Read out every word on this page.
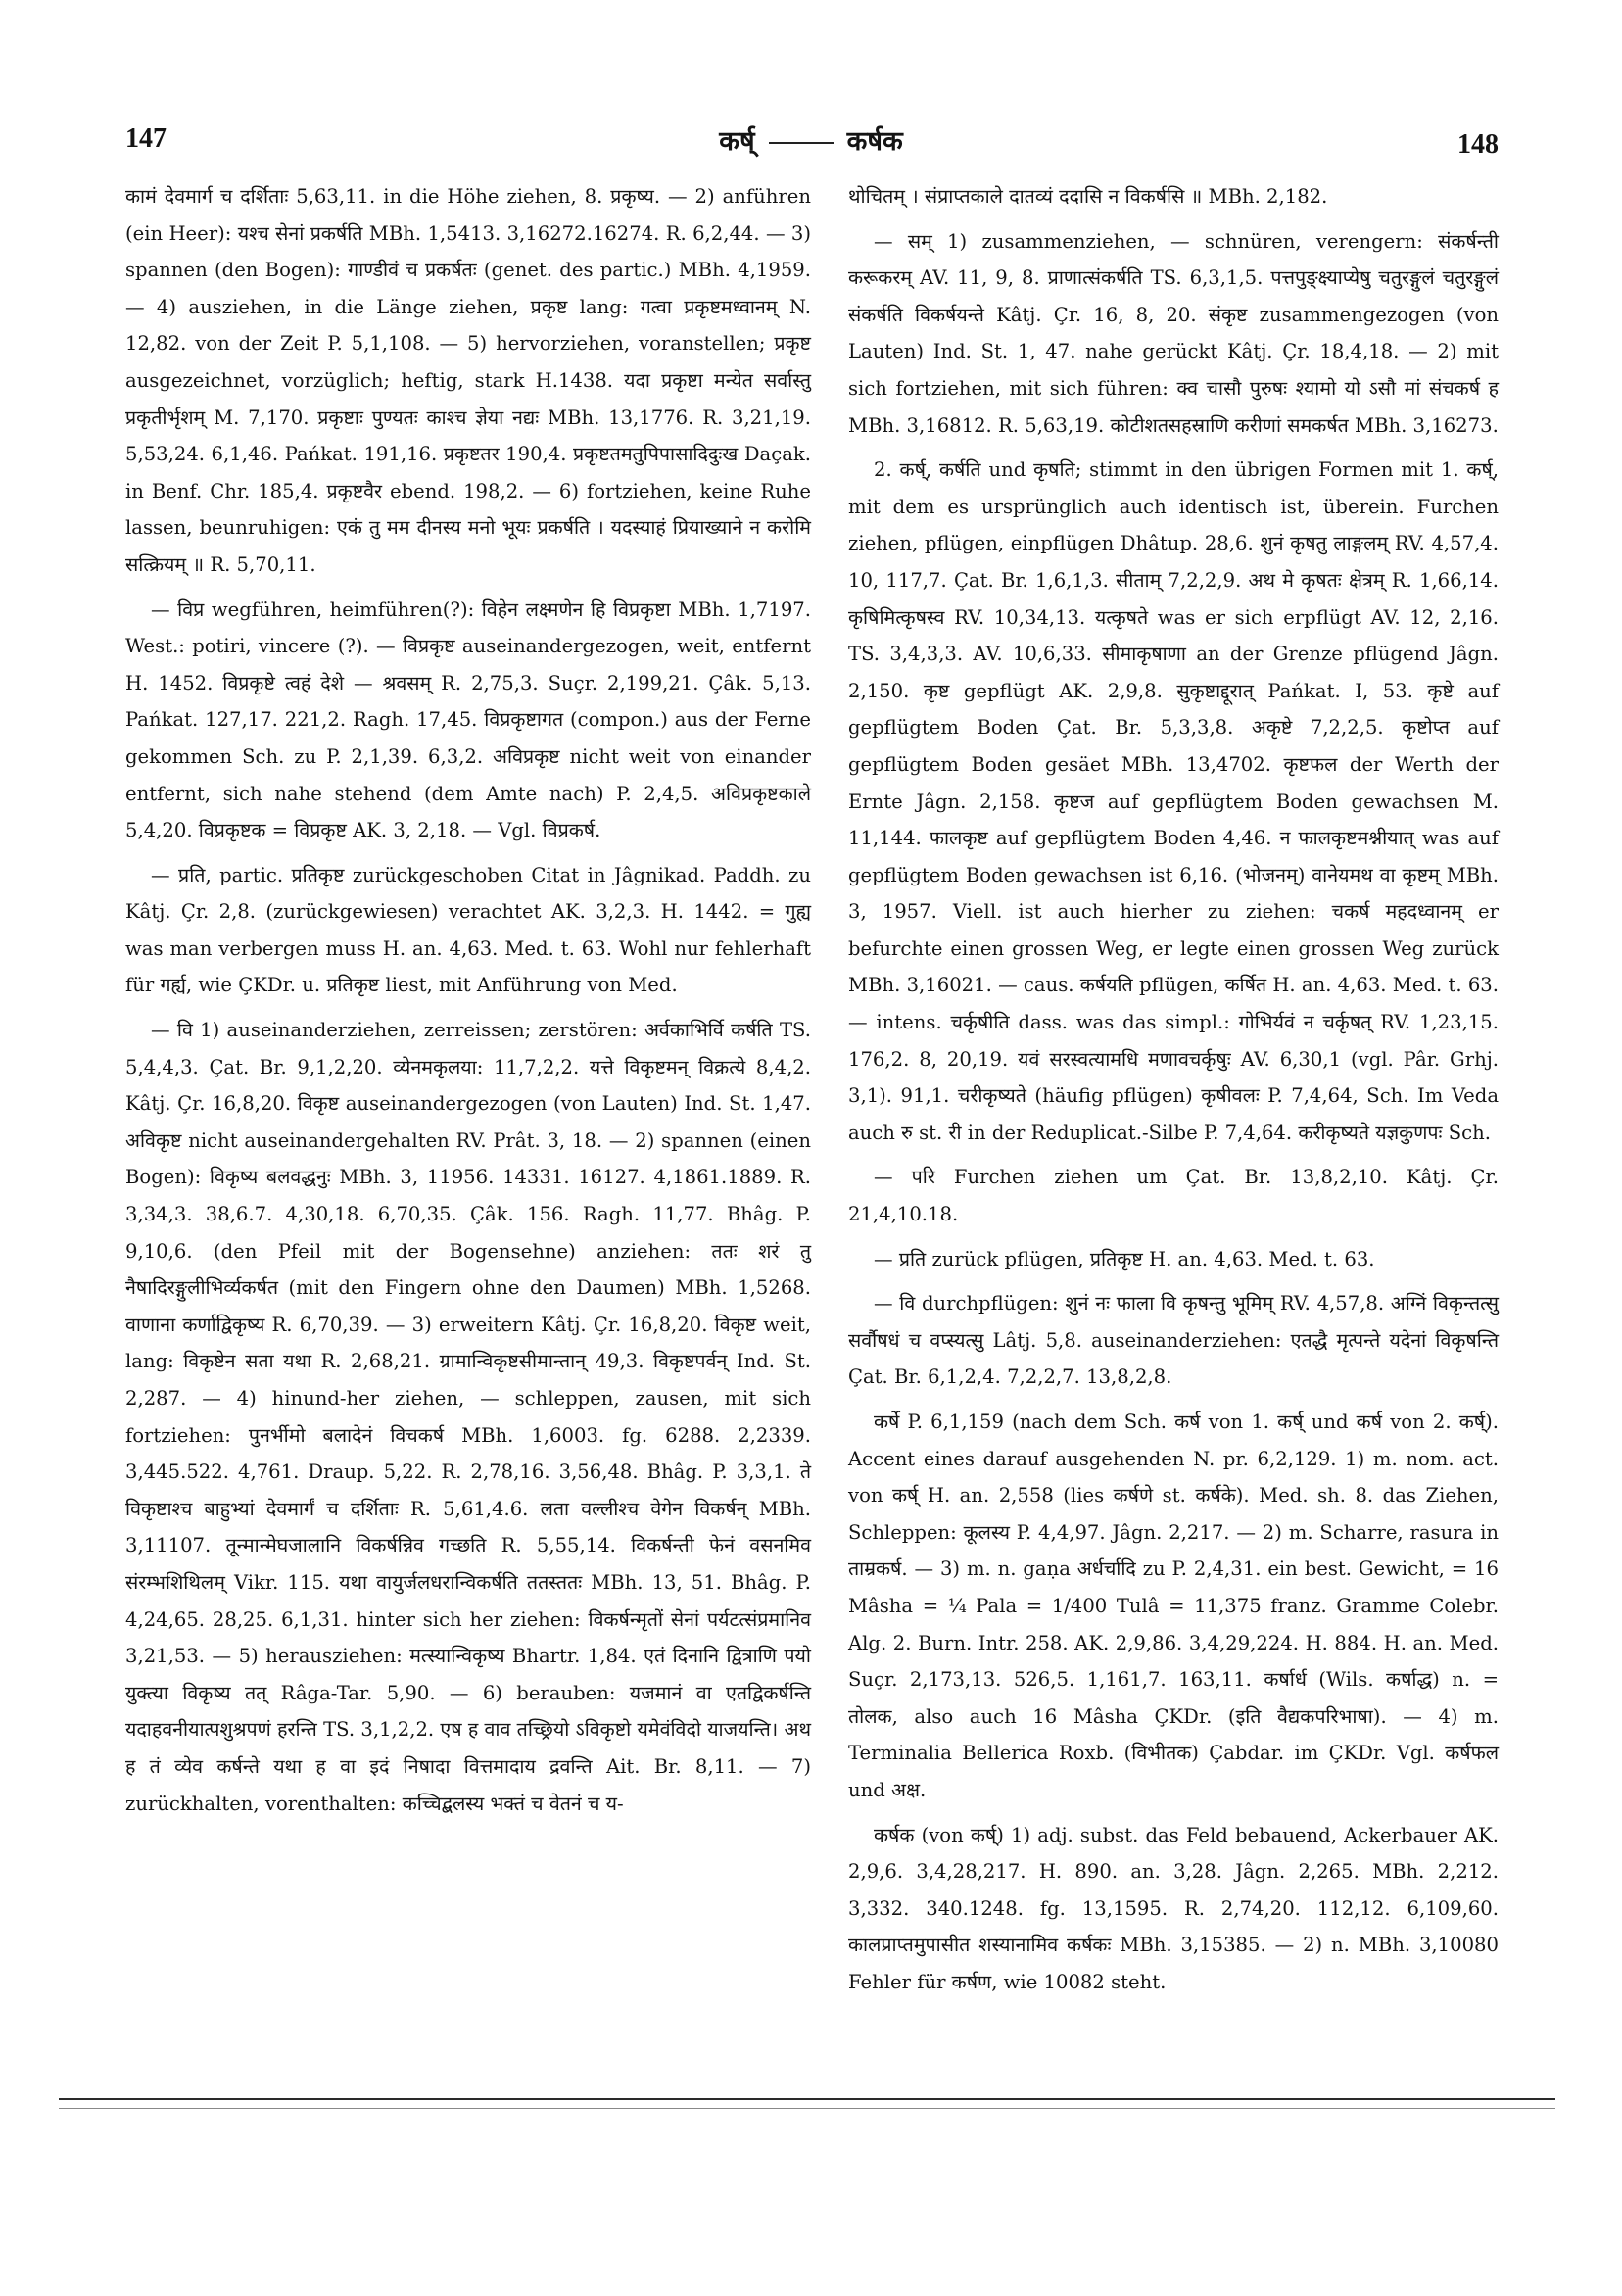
147	कर्ष्	कर्षक	148

कामं देवमार्ग च दर्शिताः 5,63,11. in die Höhe ziehen, 8. प्रकृष्य. — 2) anführen (ein Heer): यश्च सेनां प्रकर्षति MBh. 1,5413. 3,16272.16274. R. 6,2,44. — 3) spannen (den Bogen): गाण्डीवं च प्रकर्षतः (genet. des partic.) MBh. 4,1959. — 4) ausziehen, in die Länge ziehen, प्रकृष्ट lang: गत्वा प्रकृष्टमध्वानम् N. 12,82. von der Zeit P. 5,1,108. — 5) hervorziehen, voranstellen; प्रकृष्ट ausgezeichnet, vorzüglich; heftig, stark H.1438. यदा प्रकृष्टा मन्येत सर्वास्तु प्रकृतीर्भृशम् M. 7,170. प्रकृष्टाः पुण्यतः काश्च ज्ञेया नद्यः MBh. 13,1776. R. 3,21,19. 5,53,24. 6,1,46. Pańkat. 191,16. प्रकृष्टतर 190,4. प्रकृष्टतमतुपिपासादिदुःख Daçak. in Benf. Chr. 185,4. प्रकृष्टवैर ebend. 198,2. — 6) fortziehen, keine Ruhe lassen, beunruhigen: एकं तु मम दीनस्य मनो भूयः प्रकर्षति । यदस्याहं प्रियाख्याने न करोमि सत्क्रियम् ॥ R. 5,70,11.

— विप्र wegführen, heimführen(?): विहेन लक्ष्मणेन हि विप्रकृष्टा MBh. 1,7197. West.: potiri, vincere (?). — विप्रकृष्ट auseinandergezogen, weit, entfernt H. 1452. विप्रकृष्टे त्वहं देशे — श्रवसम् R. 2,75,3. Suçr. 2,199,21. Çâk. 5,13. Pańkat. 127,17. 221,2. Ragh. 17,45. विप्रकृष्टागत (compon.) aus der Ferne gekommen Sch. zu P. 2,1,39. 6,3,2. अविप्रकृष्ट nicht weit von einander entfernt, sich nahe stehend (dem Amte nach) P. 2,4,5. अविप्रकृष्टकाले 5,4,20. विप्रकृष्टक = विप्रकृष्ट AK. 3, 2,18. — Vgl. विप्रकर्ष.

— प्रति, partic. प्रतिकृष्ट zurückgeschoben Citat in Jâgnikad. Paddh. zu Kâtj. Çr. 2,8. (zurückgewiesen) verachtet AK. 3,2,3. H. 1442. = गुह्य was man verbergen muss H. an. 4,63. Med. t. 63. Wohl nur fehlerhaft für गर्ह्य, wie ÇKDr. u. प्रतिकृष्ट liest, mit Anführung von Med.

— वि 1) auseinanderziehen, zerreissen; zerstören: अर्वकाभिर्वि कर्षति TS. 5,4,4,3. Çat. Br. 9,1,2,20. व्येनमकृलया: 11,7,2,2. यत्ते विकृष्टमन् विक्रत्ये 8,4,2. Kâtj. Çr. 16,8,20. विकृष्ट auseinandergezogen (von Lauten) Ind. St. 1,47. अविकृष्ट nicht auseinandergehalten RV. Prât. 3, 18. — 2) spannen (einen Bogen): विकृष्य बलवद्धनुः MBh. 3, 11956. 14331. 16127. 4,1861.1889. R. 3,34,3. 38,6.7. 4,30,18. 6,70,35. Çâk. 156. Ragh. 11,77. Bhâg. P. 9,10,6. (den Pfeil mit der Bogensehne) anziehen: ततः शरं तु नैषादिरङ्गुलीभिर्व्यकर्षत (mit den Fingern ohne den Daumen) MBh. 1,5268. वाणाना कर्णाद्विकृष्य R. 6,70,39. — 3) erweitern Kâtj. Çr. 16,8,20. विकृष्ट weit, lang: विकृष्टेन सता यथा R. 2,68,21. ग्रामान्विकृष्टसीमान्तान् 49,3. विकृष्टपर्वन् Ind. St. 2,287. — 4) hinund-her ziehen, — schleppen, zausen, mit sich fortziehen: पुनर्भीमो बलादेनं विचकर्ष MBh. 1,6003. fg. 6288. 2,2339. 3,445.522. 4,761. Draup. 5,22. R. 2,78,16. 3,56,48. Bhâg. P. 3,3,1. ते विकृष्टाश्च बाहुभ्यां देवमार्गं च दर्शिताः R. 5,61,4.6. लता वल्लीश्च वेगेन विकर्षन् MBh. 3,11107. तून्मान्मेघजालानि विकर्षन्निव गच्छति R. 5,55,14. विकर्षन्ती फेनं वसनमिव संरम्भशिथिलम् Vikr. 115. यथा वायुर्जलधरान्विकर्षति ततस्ततः MBh. 13, 51. Bhâg. P. 4,24,65. 28,25. 6,1,31. hinter sich her ziehen: विकर्षन्मृतों सेनां पर्यटत्संप्रमानिव 3,21,53. — 5) herausziehen: मत्स्यान्विकृष्य Bhartr. 1,84. एतं दिनानि द्वित्राणि पयो युक्त्या विकृष्य तत् Râga-Tar. 5,90. — 6) berauben: यजमानं वा एतद्विकर्षन्ति यदाहवनीयात्पशुश्रपणं हरन्ति TS. 3,1,2,2. एष ह वाव तच्छ्रियो ऽविकृष्टो यमेवंविदो याजयन्ति। अथ ह तं व्येव कर्षन्ते यथा ह वा इदं निषादा वित्तमादाय द्रवन्ति Ait. Br. 8,11. — 7) zurückhalten, vorenthalten: कच्चिद्बलस्य भक्तं च वेतनं च य-

थोचितम् । संप्राप्तकाले दातव्यं ददासि न विकर्षसि ॥ MBh. 2,182.

— सम् 1) zusammenziehen, — schnüren, verengern: संकर्षन्ती करूकरम् AV. 11, 9, 8. प्राणात्संकर्षति TS. 6,3,1,5. पत्तपुङ्क्ष्याप्येषु चतुरङ्गुलं चतुरङ्गुलं संकर्षति विकर्षयन्ते Kâtj. Çr. 16, 8, 20. संकृष्ट zusammengezogen (von Lauten) Ind. St. 1, 47. nahe gerückt Kâtj. Çr. 18,4,18. — 2) mit sich fortziehen, mit sich führen: क्व चासौ पुरुषः श्यामो यो ऽसौ मां संचकर्ष ह MBh. 3,16812. R. 5,63,19. कोटीशतसहस्राणि करीणां समकर्षत MBh. 3,16273.

2. कर्ष्, कर्षति und कृषति; stimmt in den übrigen Formen mit 1. कर्ष्, mit dem es ursprünglich auch identisch ist, überein. Furchen ziehen, pflügen, einpflügen Dhâtup. 28,6. शुनं कृषतु लाङ्गलम् RV. 4,57,4. 10, 117,7. Çat. Br. 1,6,1,3. सीताम् 7,2,2,9. अथ मे कृषतः क्षेत्रम् R. 1,66,14. कृषिमित्कृषस्व RV. 10,34,13. यत्कृषते was er sich erpflügt AV. 12, 2,16. TS. 3,4,3,3. AV. 10,6,33. सीमाकृषाणा an der Grenze pflügend Jâgn. 2,150. कृष्ट gepflügt AK. 2,9,8. सुकृष्टाद्दूरात् Pańkat. I, 53. कृष्टे auf gepflügtem Boden Çat. Br. 5,3,3,8. अकृष्टे 7,2,2,5. कृष्टोप्त auf gepflügtem Boden gesäet MBh. 13,4702. कृष्टफल der Werth der Ernte Jâgn. 2,158. कृष्टज auf gepflügtem Boden gewachsen M. 11,144. फालकृष्ट auf gepflügtem Boden 4,46. न फालकृष्टमश्नीयात् was auf gepflügtem Boden gewachsen ist 6,16. (भोजनम्) वानेयमथ वा कृष्टम् MBh. 3, 1957. Viell. ist auch hierher zu ziehen: चकर्ष महदध्वानम् er befurchte einen grossen Weg, er legte einen grossen Weg zurück MBh. 3,16021. — caus. कर्षयति pflügen, कर्षित H. an. 4,63. Med. t. 63. — intens. चर्कृषीति dass. was das simpl.: गोभिर्यवं न चर्कृषत् RV. 1,23,15. 176,2. 8, 20,19. यवं सरस्वत्यामधि मणावचर्कृषुः AV. 6,30,1 (vgl. Pâr. Grhj. 3,1). 91,1. चरीकृष्यते (häufig pflügen) कृषीवलः P. 7,4,64, Sch. Im Veda auch रु st. री in der Reduplicat.-Silbe P. 7,4,64. करीकृष्यते यज्ञकुणपः Sch.

— परि Furchen ziehen um Çat. Br. 13,8,2,10. Kâtj. Çr. 21,4,10.18.

— प्रति zurück pflügen, प्रतिकृष्ट H. an. 4,63. Med. t. 63.

— वि durchpflügen: शुनं नः फाला वि कृषन्तु भूमिम् RV. 4,57,8. अग्निं विकृन्तत्सु सर्वौषधं च वप्स्यत्सु Lâtj. 5,8. auseinanderziehen: एतद्धै मृत्पन्ते यदेनां विकृषन्ति Çat. Br. 6,1,2,4. 7,2,2,7. 13,8,2,8.

कर्षे P. 6,1,159 (nach dem Sch. कर्ष von 1. कर्ष् und कर्ष von 2. कर्ष्). Accent eines darauf ausgehenden N. pr. 6,2,129. 1) m. nom. act. von कर्ष् H. an. 2,558 (lies कर्षणे st. कर्षके). Med. sh. 8. das Ziehen, Schleppen: कूलस्य P. 4,4,97. Jâgn. 2,217. — 2) m. Scharre, rasura in ताम्रकर्ष. — 3) m. n. gaṇa अर्धर्चादि zu P. 2,4,31. ein best. Gewicht, = 16 Mâsha = ¼ Pala = 1/400 Tulâ = 11,375 franz. Gramme Colebr. Alg. 2. Burn. Intr. 258. AK. 2,9,86. 3,4,29,224. H. 884. H. an. Med. Suçr. 2,173,13. 526,5. 1,161,7. 163,11. कर्षार्ध (Wils. कर्षाद्ध) n. = तोलक, also auch 16 Mâsha ÇKDr. (इति वैद्यकपरिभाषा). — 4) m. Terminalia Bellerica Roxb. (विभीतक) Çabdar. im ÇKDr. Vgl. कर्षफल und अक्ष.

कर्षक (von कर्ष्) 1) adj. subst. das Feld bebauend, Ackerbauer AK. 2,9,6. 3,4,28,217. H. 890. an. 3,28. Jâgn. 2,265. MBh. 2,212. 3,332. 340.1248. fg. 13,1595. R. 2,74,20. 112,12. 6,109,60. कालप्राप्तमुपासीत शस्यानामिव कर्षकः MBh. 3,15385. — 2) n. MBh. 3,10080 Fehler für कर्षण, wie 10082 steht.
